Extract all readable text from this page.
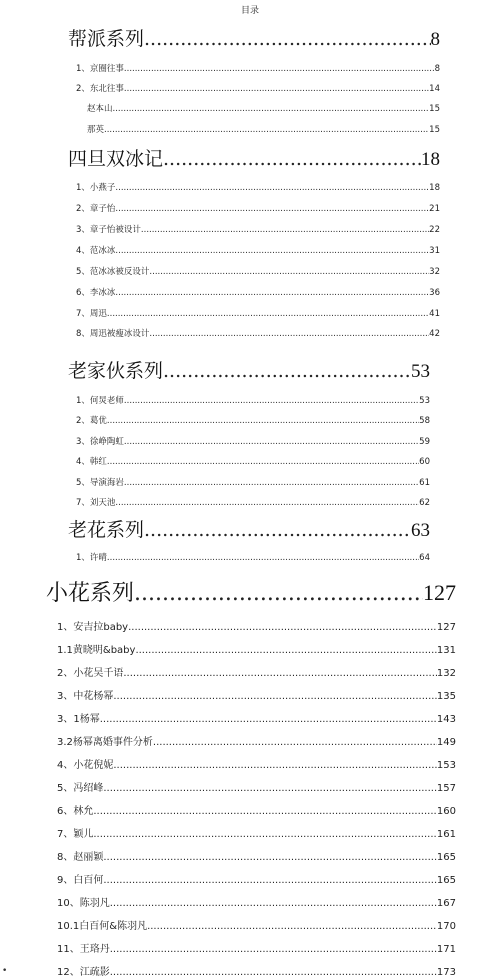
目录
帮派系列 .....	8
1、京圈往事 .....	8
2、东北往事 .....	14
赵本山 .....	15
那英 .....	15
四旦双冰记 .....	18
1、小燕子 .....	18
2、章子怡 .....	21
3、章子怡被设计 .....	22
4、范冰冰 .....	31
5、范冰冰被反设计 .....	32
6、李冰冰 .....	36
7、周迅 .....	41
8、周迅被瘦冰设计 .....	42
老家伙系列 .....	53
1、何炅老师 .....	53
2、葛优 .....	58
3、徐峥陶虹 .....	59
4、韩红 .....	60
5、导演海岩 .....	61
7、刘天池 .....	62
老花系列 .....	63
1、许晴 .....	64
小花系列 .....	127
1、安吉拉baby .....	127
1.1黄晓明&baby .....	131
2、小花吴千语 .....	132
3、中花杨幂 .....	135
3、1杨幂 .....	143
3.2杨幂离婚事件分析 .....	149
4、小花倪妮 .....	153
5、冯绍峰 .....	157
6、林允 .....	160
7、颖儿 .....	161
8、赵丽颖 .....	165
9、白百何 .....	165
10、陈羽凡 .....	167
10.1白百何&陈羽凡 .....	170
11、王珞丹 .....	171
12、江疏影 .....	173
•
